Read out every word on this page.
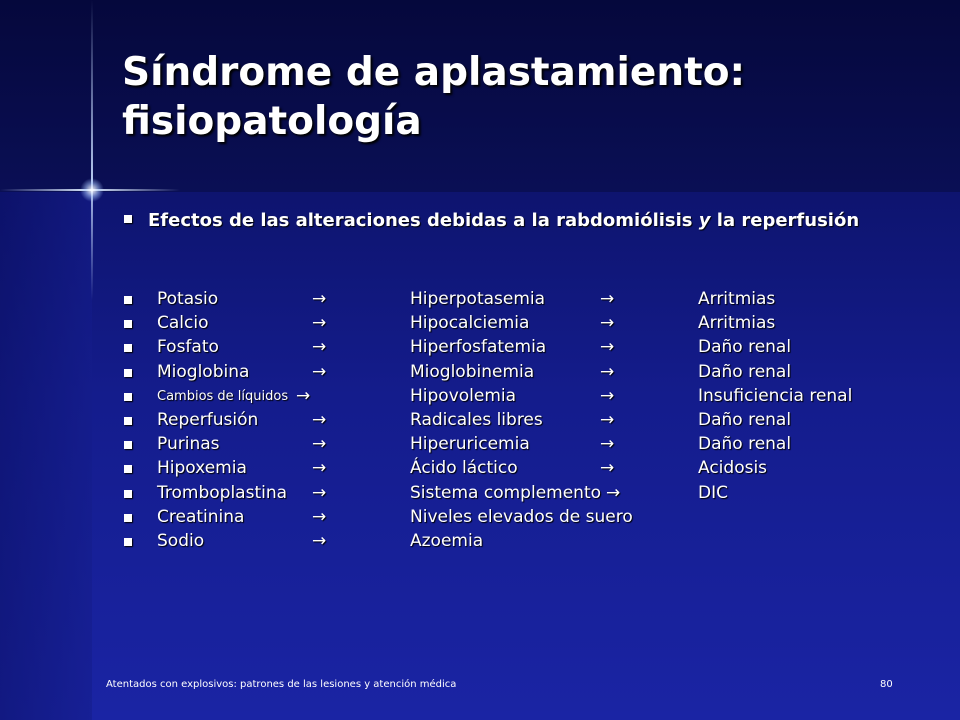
Síndrome de aplastamiento:
fisiopatología
Efectos de las alteraciones debidas a la rabdomiólisis y la reperfusión
Potasio	→	Hiperpotasemia	→	Arritmias
Calcio	→	Hipocalciemia	→	Arritmias
Fosfato	→	Hiperfosfatemia	→	Daño renal
Mioglobina	→	Mioglobinemia	→	Daño renal
Cambios de líquidos →	Hipovolemia	→	Insuficiencia renal
Reperfusión	→	Radicales libres	→	Daño renal
Purinas	→	Hiperuricemia	→	Daño renal
Hipoxemia	→	Ácido láctico	→	Acidosis
Tromboplastina →	Sistema complemento →	DIC
Creatinina	→	Niveles elevados de suero
Sodio	→	Azoemia
Atentados con explosivos: patrones de las lesiones y atención médica	80
